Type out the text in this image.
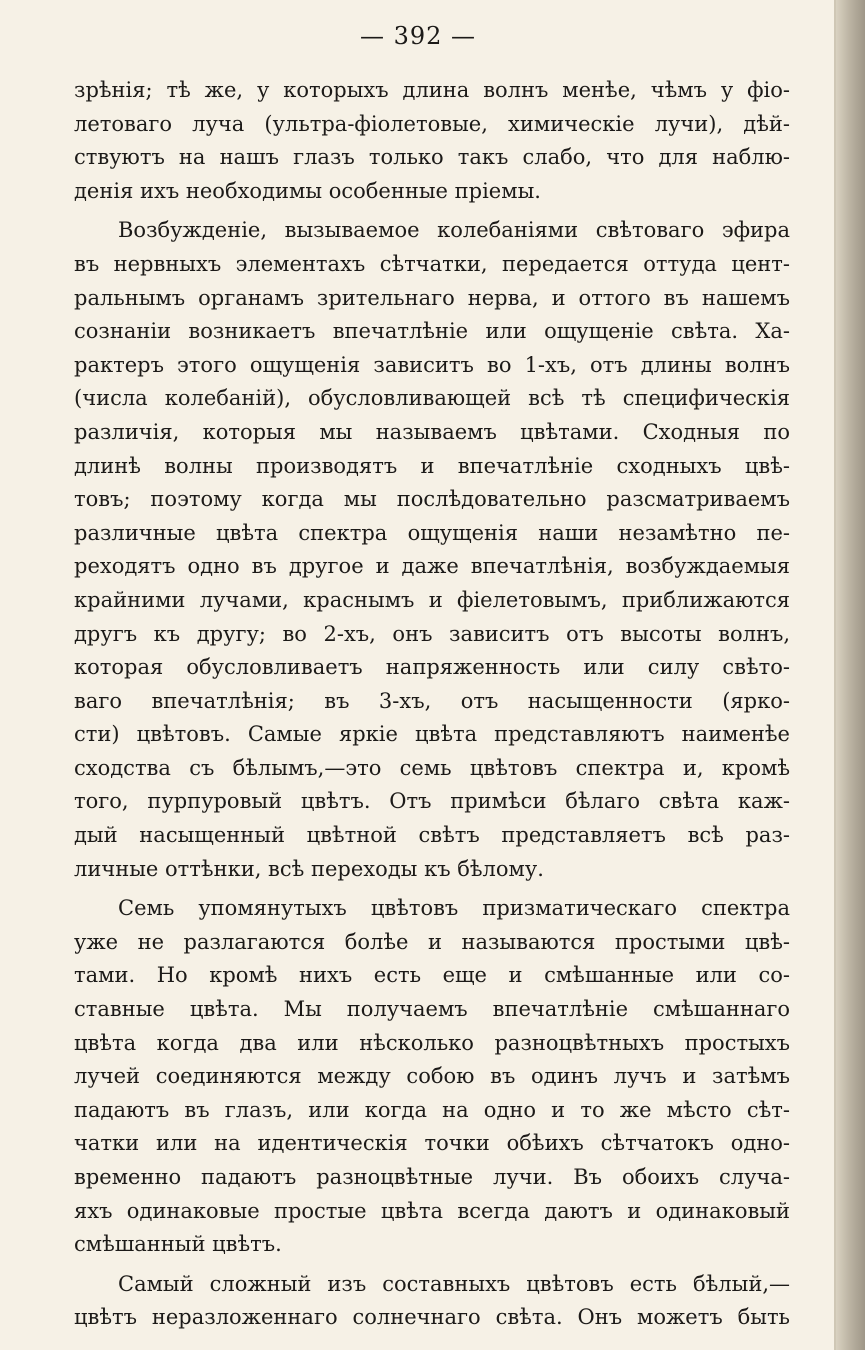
— 392 —
зрѣнія; тѣ же, у которыхъ длина волнъ менѣе, чѣмъ у фіо-
летоваго луча (ультра-фіолетовые, химическіе лучи), дѣй-
ствуютъ на нашъ глазъ только такъ слабо, что для наблю-
денія ихъ необходимы особенные пріемы.
Возбужденіе, вызываемое колебаніями свѣтоваго эфира
въ нервныхъ элементахъ сѣтчатки, передается оттуда цент-
ральнымъ органамъ зрительнаго нерва, и оттого въ нашемъ
сознаніи возникаетъ впечатлѣніе или ощущеніе свѣта. Ха-
рактеръ этого ощущенія зависитъ во 1-хъ, отъ длины волнъ
(числа колебаній), обусловливающей всѣ тѣ специфическія
различія, которыя мы называемъ цвѣтами. Сходныя по
длинѣ волны производятъ и впечатлѣніе сходныхъ цвѣ-
товъ; поэтому когда мы послѣдовательно разсматриваемъ
различные цвѣта спектра ощущенія наши незамѣтно пе-
реходятъ одно въ другое и даже впечатлѣнія, возбуждаемыя
крайними лучами, краснымъ и фіелетовымъ, приближаются
другъ къ другу; во 2-хъ, онъ зависитъ отъ высоты волнъ,
которая обусловливаетъ напряженность или силу свѣто-
ваго впечатлѣнія; въ 3-хъ, отъ насыщенности (ярко-
сти) цвѣтовъ. Самые яркіе цвѣта представляютъ наименѣе
сходства съ бѣлымъ,—это семь цвѣтовъ спектра и, кромѣ
того, пурпуровый цвѣтъ. Отъ примѣси бѣлаго свѣта каж-
дый насыщенный цвѣтной свѣтъ представляетъ всѣ раз-
личные оттѣнки, всѣ переходы къ бѣлому.
Семь упомянутыхъ цвѣтовъ призматическаго спектра
уже не разлагаются болѣе и называются простыми цвѣ-
тами. Но кромѣ нихъ есть еще и смѣшанные или со-
ставные цвѣта. Мы получаемъ впечатлѣніе смѣшаннаго
цвѣта когда два или нѣсколько разноцвѣтныхъ простыхъ
лучей соединяются между собою въ одинъ лучъ и затѣмъ
падаютъ въ глазъ, или когда на одно и то же мѣсто сѣт-
чатки или на идентическія точки обѣихъ сѣтчатокъ одно-
временно падаютъ разноцвѣтные лучи. Въ обоихъ случа-
яхъ одинаковые простые цвѣта всегда даютъ и одинаковый
смѣшанный цвѣтъ.
Самый сложный изъ составныхъ цвѣтовъ есть бѣлый,—
цвѣтъ неразложеннаго солнечнаго свѣта. Онъ можетъ быть
